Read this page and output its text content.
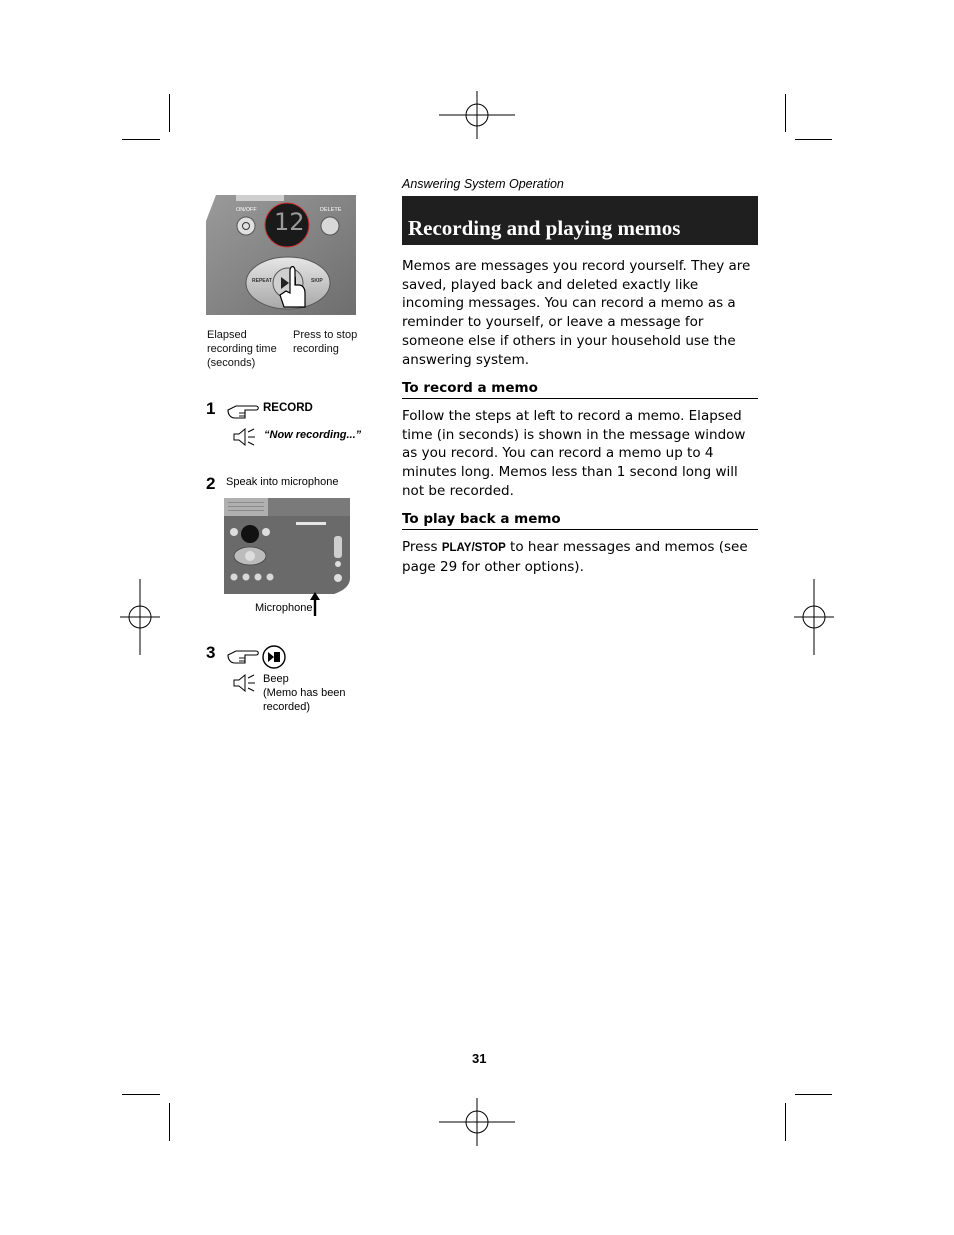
Answering System Operation
Recording and playing memos
Memos are messages you record yourself. They are saved, played back and deleted exactly like incoming messages. You can record a memo as a reminder to yourself, or leave a message for someone else if others in your household use the answering system.
To record a memo
Follow the steps at left to record a memo. Elapsed time (in seconds) is shown in the message window as you record. You can record a memo up to 4 minutes long. Memos less than 1 second long will not be recorded.
To play back a memo
Press PLAY/STOP to hear messages and memos (see page 29 for other options).
ON/OFF	DELETE
12
REPEAT	SKIP
Elapsed recording time (seconds)
Press to stop recording
1	RECORD
“Now recording...”
2 Speak into microphone
Microphone
3
Beep
(Memo has been recorded)
31
